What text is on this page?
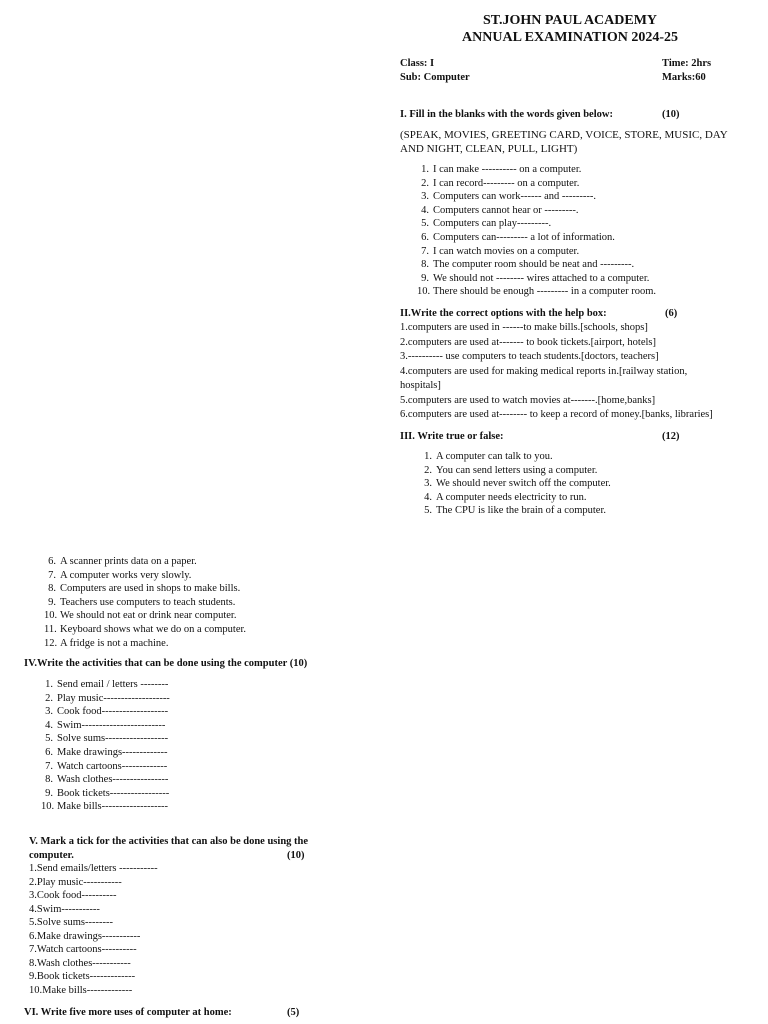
ST.JOHN PAUL ACADEMY
ANNUAL EXAMINATION 2024-25
Class: I
Sub: Computer
Time: 2hrs
Marks:60
I. Fill in the blanks with the words given below:	(10)
(SPEAK, MOVIES, GREETING CARD, VOICE, STORE, MUSIC, DAY
AND NIGHT, CLEAN, PULL, LIGHT)
1. I can make ---------- on a computer.
2. I can record--------- on a computer.
3. Computers can work------ and ---------.
4. Computers cannot hear or ---------.
5. Computers can play---------.
6. Computers can--------- a lot of information.
7. I can watch movies on a computer.
8. The computer room should be neat and ---------.
9. We should not -------- wires attached to a computer.
10. There should be enough --------- in a computer room.
II.Write the correct options with the help box:	(6)
1.computers are used in ------to make bills.[schools, shops]
2.computers are used at------- to book tickets.[airport, hotels]
3.---------- use computers to teach students.[doctors, teachers]
4.computers are used for making medical reports in.[railway station,
hospitals]
5.computers are used to watch movies at-------.[home,banks]
6.computers are used at-------- to keep a record of money.[banks, libraries]
III. Write true or false:	(12)
1. A computer can talk to you.
2. You can send letters using a computer.
3. We should never switch off the computer.
4. A computer needs electricity to run.
5. The CPU is like the brain of a computer.
6. A scanner prints data on a paper.
7. A computer works very slowly.
8. Computers are used in shops to make bills.
9. Teachers use computers to teach students.
10. We should not eat or drink near computer.
11. Keyboard shows what we do on a computer.
12. A fridge is not a machine.
IV.Write the activities that can be done using the computer (10)
1. Send email / letters --------
2. Play music-------------------
3. Cook food-------------------
4. Swim------------------------
5. Solve sums------------------
6. Make drawings-------------
7. Watch cartoons-------------
8. Wash clothes----------------
9. Book tickets-----------------
10. Make bills-------------------
V. Mark a tick for the activities that can also be done using the
computer.	(10)
1.Send emails/letters -----------
2.Play music-----------
3.Cook food----------
4.Swim-----------
5.Solve sums--------
6.Make drawings-----------
7.Watch cartoons----------
8.Wash clothes-----------
9.Book tickets-------------
10.Make bills-------------
VI. Write five more uses of computer at home:	(5)
